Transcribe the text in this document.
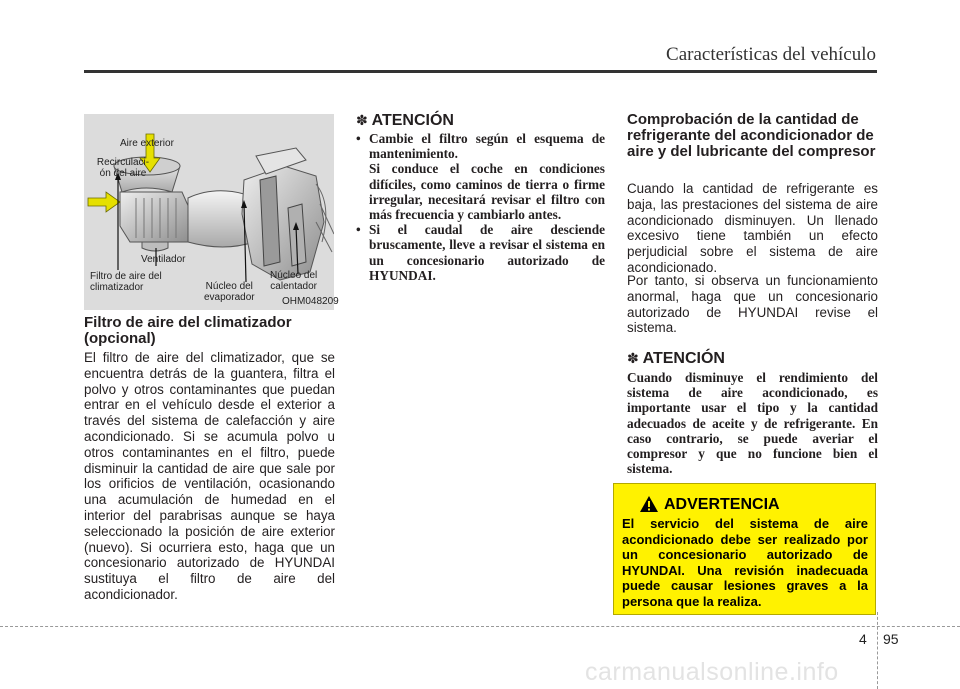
Características del vehículo
Aire exterior
Recirculaci-
ón del aire
Ventilador
Filtro de aire del
climatizador	Núcleo del
evaporador
Núcleo del
calentador
OHM048209
Filtro de aire del climatizador
(opcional)
El filtro de aire del climatizador, que se encuentra detrás de la guantera, filtra el polvo y otros contaminantes que puedan entrar en el vehículo desde el exterior a través del sistema de calefacción y aire acondicionado. Si se acumula polvo u otros contaminantes en el filtro, puede disminuir la cantidad de aire que sale por los orificios de ventilación, ocasionando una acumulación de humedad en el interior del parabrisas aunque se haya seleccionado la posición de aire exterior (nuevo). Si ocurriera esto, haga que un concesionario autorizado de HYUNDAI sustituya el filtro de aire del acondicionador.
✽ ATENCIÓN
• Cambie el filtro según el esquema de mantenimiento.
Si conduce el coche en condiciones difíciles, como caminos de tierra o firme irregular, necesitará revisar el filtro con más frecuencia y cambiarlo antes.
• Si el caudal de aire desciende bruscamente, lleve a revisar el sistema en un concesionario autorizado de HYUNDAI.
Comprobación de la cantidad de refrigerante del acondicionador de aire y del lubricante del compresor

Cuando la cantidad de refrigerante es baja, las prestaciones del sistema de aire acondicionado disminuyen. Un llenado excesivo tiene también un efecto perjudicial sobre el sistema de aire acondicionado.

Por tanto, si observa un funcionamiento anormal, haga que un concesionario autorizado de HYUNDAI revise el sistema.

✽ ATENCIÓN
Cuando disminuye el rendimiento del sistema de aire acondicionado, es importante usar el tipo y la cantidad adecuados de aceite y de refrigerante. En caso contrario, se puede averiar el compresor y que no funcione bien el sistema.
ADVERTENCIA
El servicio del sistema de aire acondicionado debe ser realizado por un concesionario autorizado de HYUNDAI. Una revisión inadecuada puede causar lesiones graves a la persona que la realiza.
4 95
carmanualsonline.info
